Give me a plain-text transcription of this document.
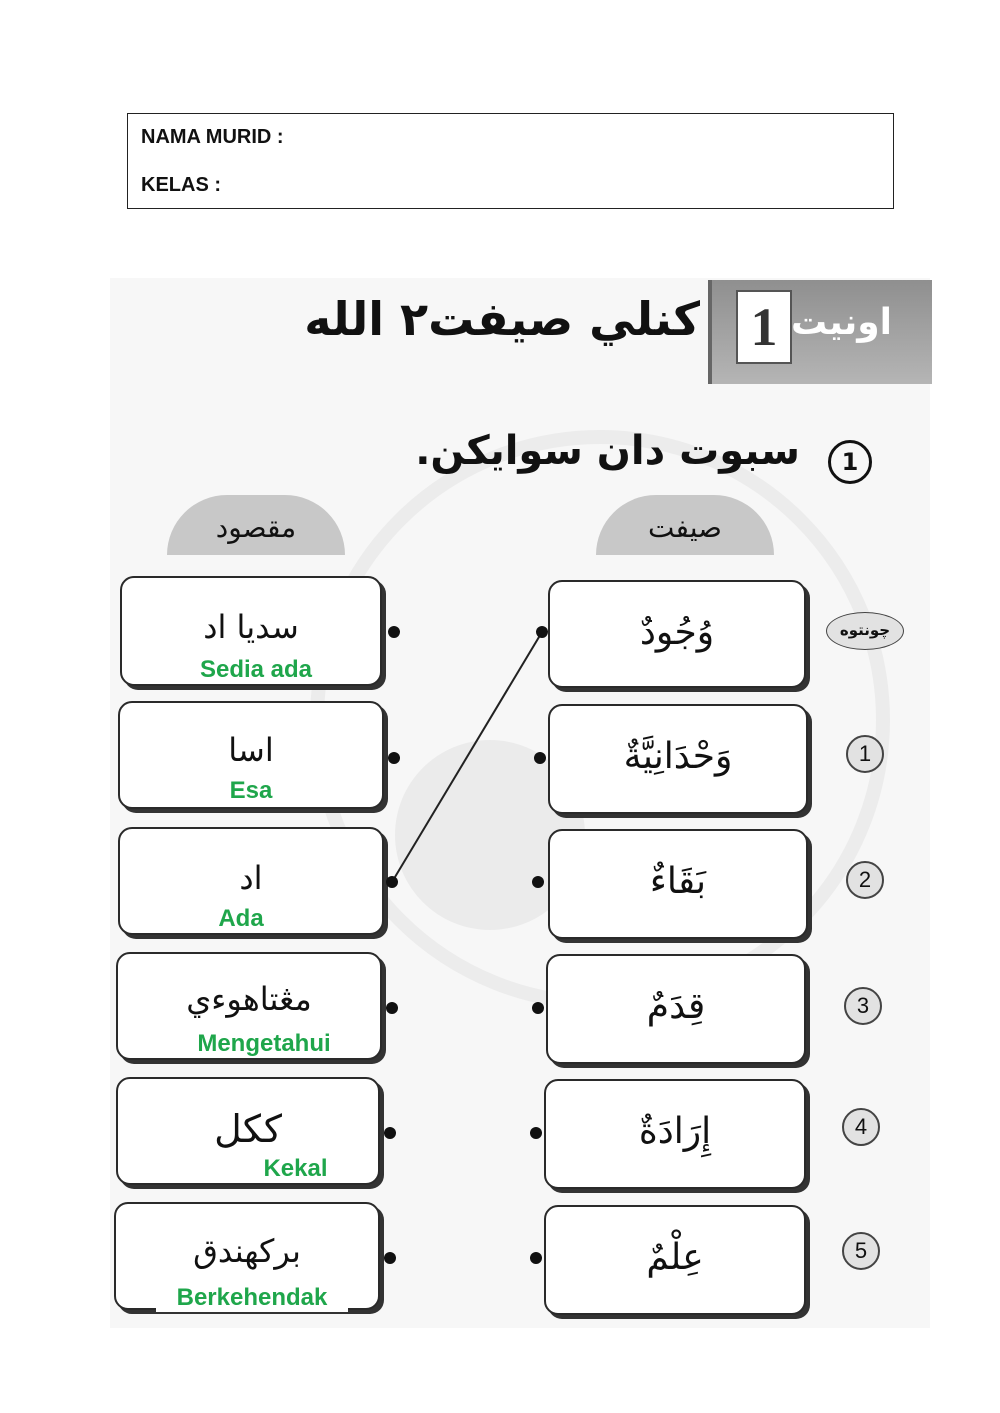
NAMA MURID :
KELAS :
1 اونيت
كنلي صيفت٢ الله
1
سبوت دان سوايكن.
مقصود	صيفت
چونتوه
سديا اد
Sedia ada
اسا
Esa
اد
Ada
مڠتاهوءي
Mengetahui
ككل
Kekal
بركهندق
Berkehendak
وُجُودٌ
وَحْدَانِيَّةٌ
بَقَاءٌ
قِدَمٌ
إِرَادَةٌ
عِلْمٌ
1
2
3
4
5
